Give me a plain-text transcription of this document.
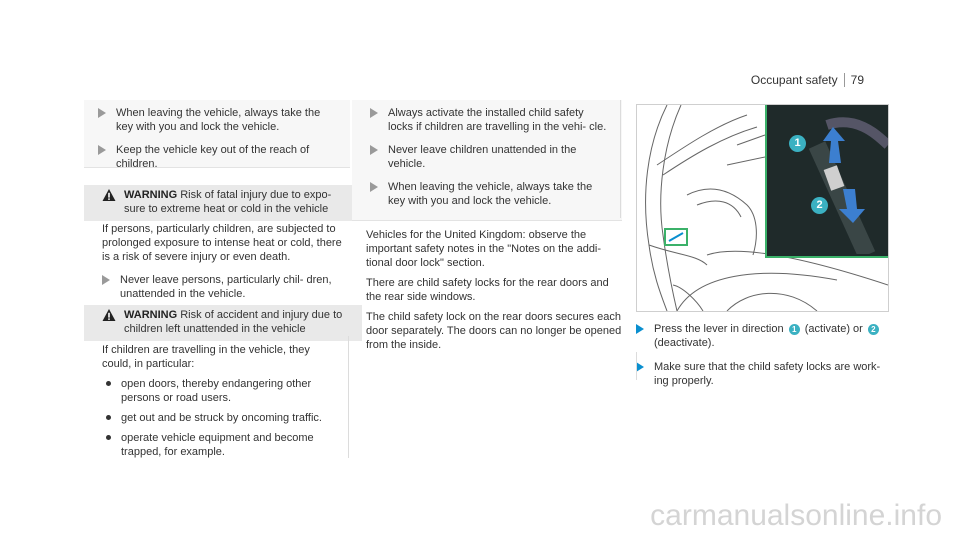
Occupant safety 79
When leaving the vehicle, always take the key with you and lock the vehicle.
Keep the vehicle key out of the reach of children.
WARNING Risk of fatal injury due to expo- sure to extreme heat or cold in the vehicle

If persons, particularly children, are subjected to prolonged exposure to intense heat or cold, there is a risk of severe injury or even death.

Never leave persons, particularly chil- dren, unattended in the vehicle.
WARNING Risk of accident and injury due to children left unattended in the vehicle

If children are travelling in the vehicle, they could, in particular:

open doors, thereby endangering other persons or road users.
get out and be struck by oncoming traffic.
operate vehicle equipment and become trapped, for example.
Always activate the installed child safety locks if children are travelling in the vehi- cle.
Never leave children unattended in the vehicle.
When leaving the vehicle, always take the key with you and lock the vehicle.

Vehicles for the United Kingdom: observe the important safety notes in the "Notes on the addi- tional door lock" section.

There are child safety locks for the rear doors and the rear side windows.

The child safety lock on the rear doors secures each door separately. The doors can no longer be opened from the inside.

1
2
Press the lever in direction 1 (activate) or 2 (deactivate).
Make sure that the child safety locks are work- ing properly.
carmanualsonline.info
